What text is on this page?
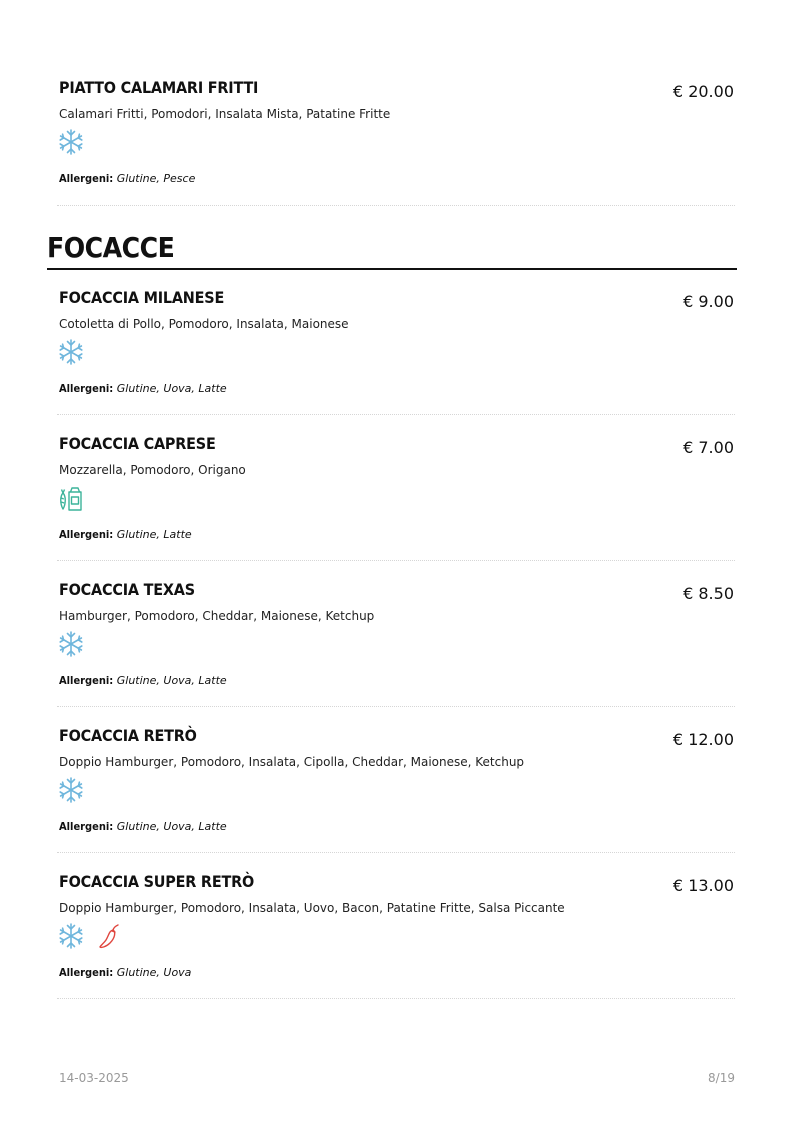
PIATTO CALAMARI FRITTI	€ 20.00
Calamari Fritti, Pomodori, Insalata Mista, Patatine Fritte
Allergeni: Glutine, Pesce
FOCACCE
FOCACCIA MILANESE	€ 9.00
Cotoletta di Pollo, Pomodoro, Insalata, Maionese
Allergeni: Glutine, Uova, Latte
FOCACCIA CAPRESE	€ 7.00
Mozzarella, Pomodoro, Origano
Allergeni: Glutine, Latte
FOCACCIA TEXAS	€ 8.50
Hamburger, Pomodoro, Cheddar, Maionese, Ketchup
Allergeni: Glutine, Uova, Latte
FOCACCIA RETRÒ	€ 12.00
Doppio Hamburger, Pomodoro, Insalata, Cipolla, Cheddar, Maionese, Ketchup
Allergeni: Glutine, Uova, Latte
FOCACCIA SUPER RETRÒ	€ 13.00
Doppio Hamburger, Pomodoro, Insalata, Uovo, Bacon, Patatine Fritte, Salsa Piccante
Allergeni: Glutine, Uova
14-03-2025	8/19
